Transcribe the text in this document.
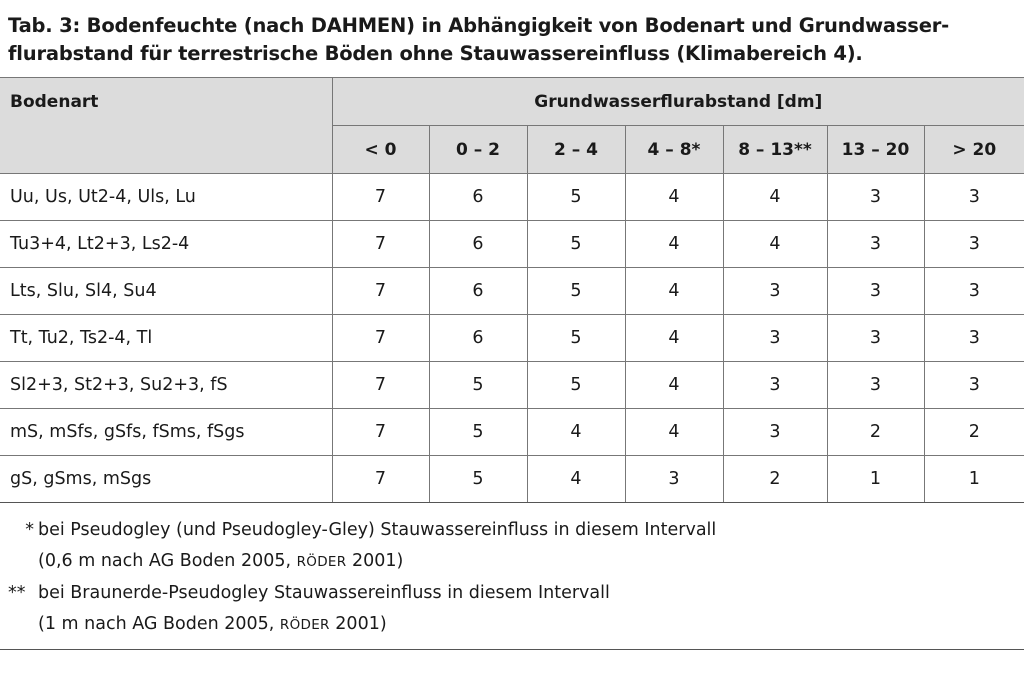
Tab. 3: Bodenfeuchte (nach DAHMEN) in Abhängigkeit von Bodenart und Grundwasser-
flurabstand für terrestrische Böden ohne Stauwassereinfluss (Klimabereich 4).
Bodenart	Grundwasserflurabstand [dm]						
	< 0	0 – 2	2 – 4	4 – 8*	8 – 13**	13 – 20	> 20
Uu, Us, Ut2-4, Uls, Lu	7	6	5	4	4	3	3
Tu3+4, Lt2+3, Ls2-4	7	6	5	4	4	3	3
Lts, Slu, Sl4, Su4	7	6	5	4	3	3	3
Tt, Tu2, Ts2-4, Tl	7	6	5	4	3	3	3
Sl2+3, St2+3, Su2+3, fS	7	5	5	4	3	3	3
mS, mSfs, gSfs, fSms, fSgs	7	5	4	4	3	2	2
gS, gSms, mSgs	7	5	4	3	2	1	1
* bei Pseudogley (und Pseudogley-Gley) Stauwassereinfluss in diesem Intervall
(0,6 m nach AG Boden 2005, RÖDER 2001)
** bei Braunerde-Pseudogley Stauwassereinfluss in diesem Intervall
(1 m nach AG Boden 2005, RÖDER 2001)
